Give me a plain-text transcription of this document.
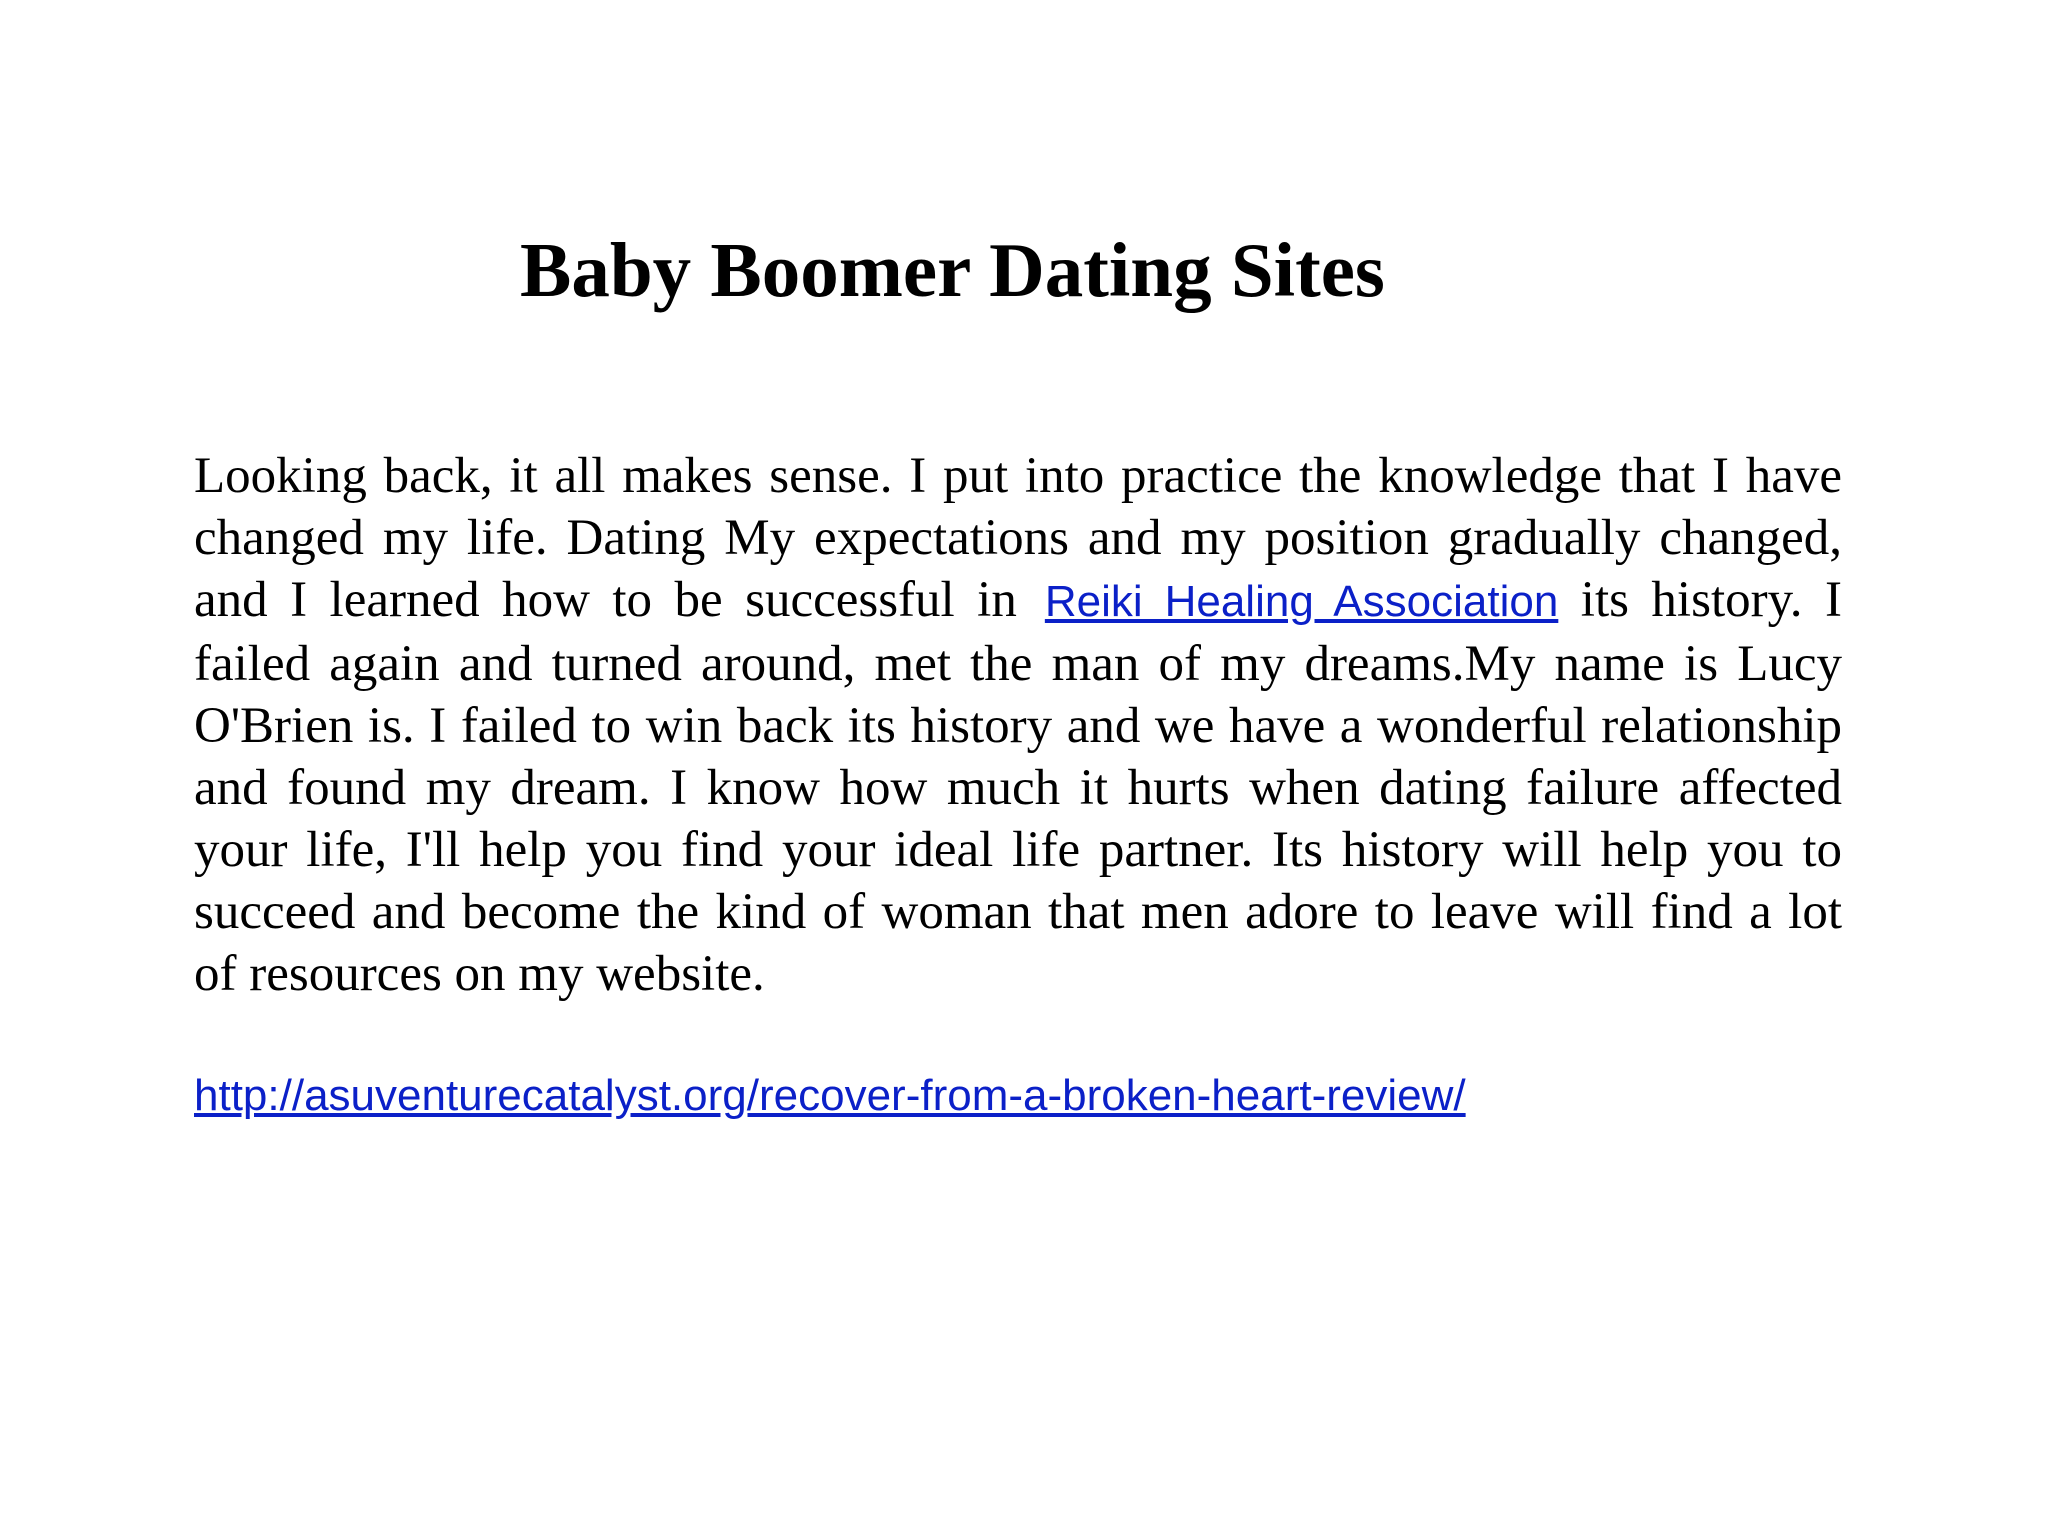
Baby Boomer Dating Sites

Looking back, it all makes sense. I put into practice the knowledge that I have changed my life. Dating My expectations and my position gradually changed, and I learned how to be successful in Reiki Healing Association its history. I failed again and turned around, met the man of my dreams.My name is Lucy O'Brien is. I failed to win back its history and we have a wonderful relationship and found my dream. I know how much it hurts when dating failure affected your life, I'll help you find your ideal life partner. Its history will help you to succeed and become the kind of woman that men adore to leave will find a lot of resources on my website.

http://asuventurecatalyst.org/recover-from-a-broken-heart-review/
